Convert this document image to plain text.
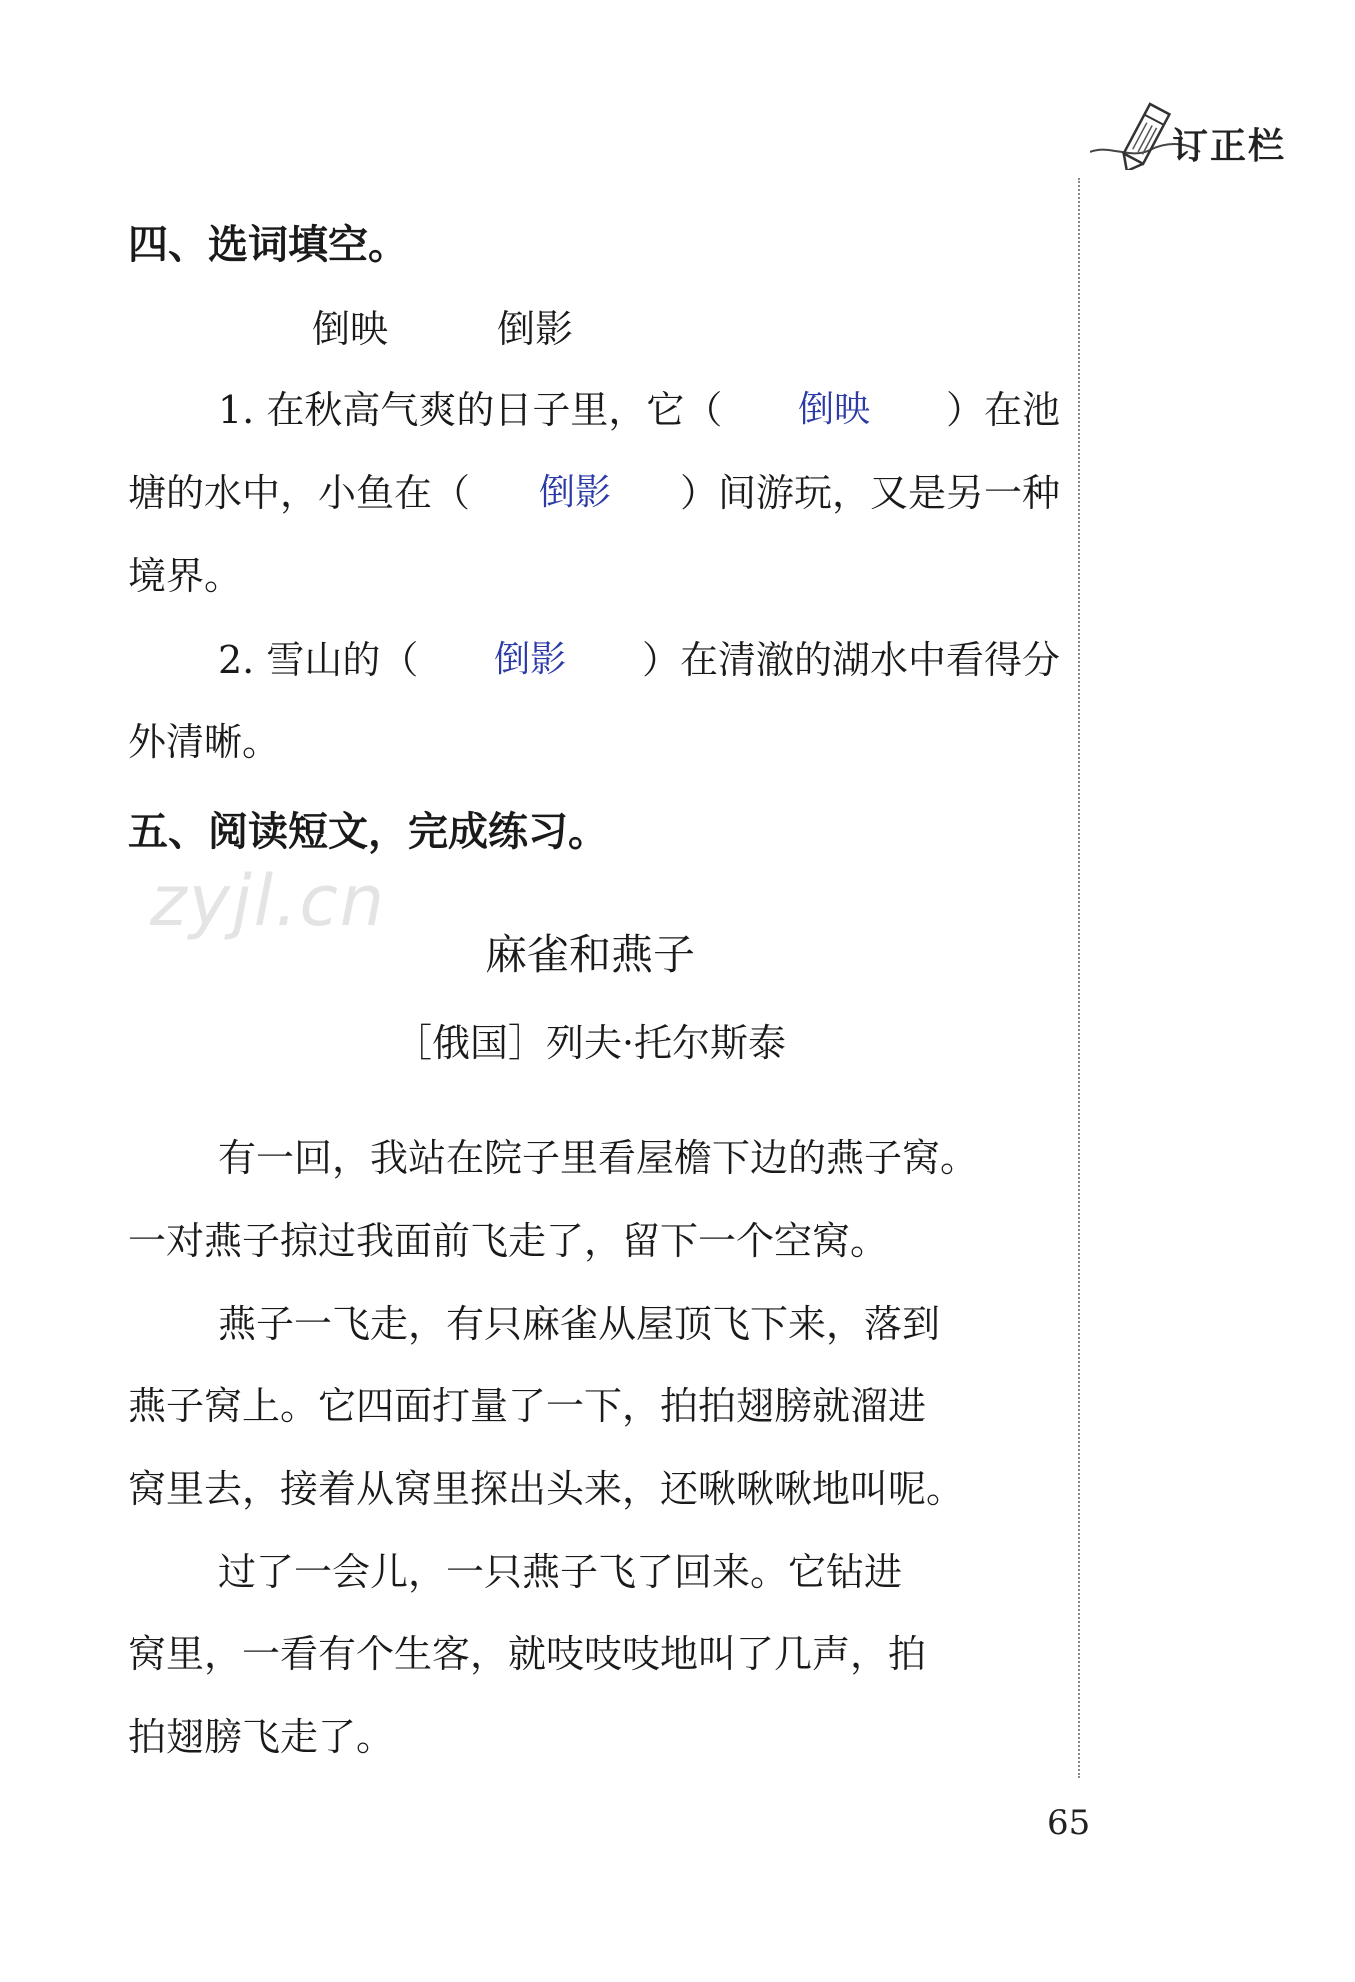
订正栏
zyjl.cn
四、选词填空。
倒映	倒影
1. 在秋高气爽的日子里，它（ 倒映 ）在池
塘的水中，小鱼在（ 倒影 ）间游玩，又是另一种
境界。
2. 雪山的（ 倒影 ）在清澈的湖水中看得分
外清晰。
五、阅读短文，完成练习。
麻雀和燕子
［俄国］列夫·托尔斯泰
有一回，我站在院子里看屋檐下边的燕子窝。
一对燕子掠过我面前飞走了，留下一个空窝。
燕子一飞走，有只麻雀从屋顶飞下来，落到
燕子窝上。它四面打量了一下，拍拍翅膀就溜进
窝里去，接着从窝里探出头来，还啾啾啾地叫呢。
过了一会儿，一只燕子飞了回来。它钻进
窝里，一看有个生客，就吱吱吱地叫了几声，拍
拍翅膀飞走了。
65
